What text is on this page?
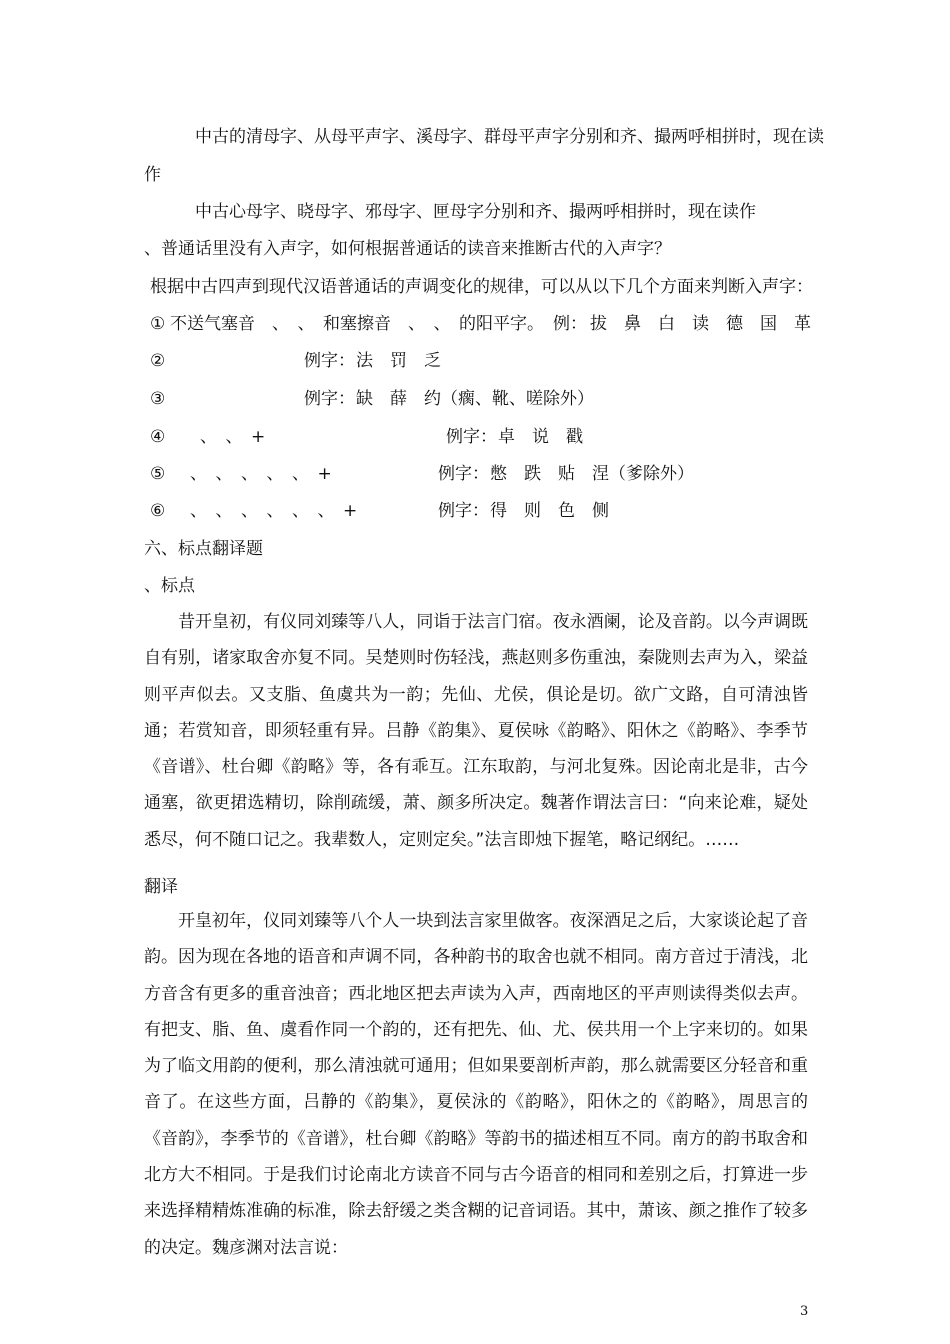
中古的清母字、从母平声字、溪母字、群母平声字分别和齐、撮两呼相拼时，现在读
作
中古心母字、晓母字、邪母字、匣母字分别和齐、撮两呼相拼时，现在读作
、普通话里没有入声字，如何根据普通话的读音来推断古代的入声字？
根据中古四声到现代汉语普通话的声调变化的规律，可以从以下几个方面来判断入声字：
① 不送气塞音　、　、　和塞擦音　、　、　的阳平字。 例： 拔　鼻　白　读　德　国　革
②	例字： 法　罚　乏
③	例字： 缺　薛　约（瘸、靴、嗟除外）
④ 、　、　+	例字： 卓　说　戳
⑤ 、　、　、　、　、　+	例字： 憋　跌　贴　涅（爹除外）
⑥ 、　、　、　、　、　、　+	例字： 得　则　色　侧
六、标点翻译题
、标点
昔开皇初，有仪同刘臻等八人，同诣于法言门宿。夜永酒阑，论及音韵。以今声调既自有别，诸家取舍亦复不同。吴楚则时伤轻浅，燕赵则多伤重浊，秦陇则去声为入，梁益则平声似去。又支脂、鱼虞共为一韵；先仙、尤侯，俱论是切。欲广文路，自可清浊皆通；若赏知音，即须轻重有异。吕静《韵集》、夏侯咏《韵略》、阳休之《韵略》、李季节《音谱》、杜台卿《韵略》等，各有乖互。江东取韵，与河北复殊。因论南北是非，古今通塞，欲更捃选精切，除削疏缓，萧、颜多所决定。魏著作谓法言曰：“向来论难，疑处悉尽，何不随口记之。我辈数人，定则定矣。”法言即烛下握笔，略记纲纪。……
翻译
开皇初年，仪同刘臻等八个人一块到法言家里做客。夜深酒足之后，大家谈论起了音韵。因为现在各地的语音和声调不同，各种韵书的取舍也就不相同。南方音过于清浅，北方音含有更多的重音浊音；西北地区把去声读为入声，西南地区的平声则读得类似去声。有把支、脂、鱼、虞看作同一个韵的，还有把先、仙、尤、侯共用一个上字来切的。如果为了临文用韵的便利，那么清浊就可通用；但如果要剖析声韵，那么就需要区分轻音和重音了。在这些方面，吕静的《韵集》，夏侯泳的《韵略》，阳休之的《韵略》，周思言的《音韵》，李季节的《音谱》，杜台卿《韵略》等韵书的描述相互不同。南方的韵书取舍和北方大不相同。于是我们讨论南北方读音不同与古今语音的相同和差别之后，打算进一步来选择精精炼准确的标准，除去舒缓之类含糊的记音词语。其中，萧该、颜之推作了较多的决定。魏彦渊对法言说：
3
